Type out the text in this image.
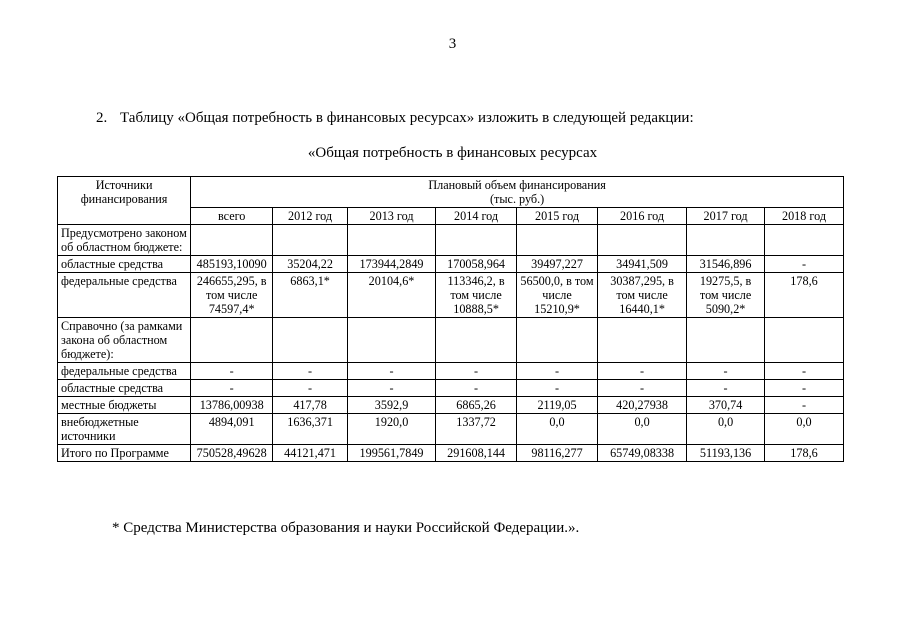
3
2. Таблицу «Общая потребность в финансовых ресурсах» изложить в следующей редакции:
«Общая потребность в финансовых ресурсах
Источники финансирования	Плановый объем финансирования
(тыс. руб.)							

	всего	2012 год	2013 год	2014 год	2015 год	2016 год	2017 год	2018 год
Предусмотрено законом об областном бюджете:								
областные средства	485193,10090	35204,22	173944,2849	170058,964	39497,227	34941,509	31546,896	-
федеральные средства	246655,295, в том числе 74597,4*	6863,1*	20104,6*	113346,2, в том числе 10888,5*	56500,0, в том числе 15210,9*	30387,295, в том числе 16440,1*	19275,5, в том числе 5090,2*	178,6
Справочно (за рамками закона об областном бюджете):								
федеральные средства	-	-	-	-	-	-	-	-
областные средства	-	-	-	-	-	-	-	-
местные бюджеты	13786,00938	417,78	3592,9	6865,26	2119,05	420,27938	370,74	-
внебюджетные источники	4894,091	1636,371	1920,0	1337,72	0,0	0,0	0,0	0,0
Итого по Программе	750528,49628	44121,471	199561,7849	291608,144	98116,277	65749,08338	51193,136	178,6
* Средства Министерства образования и науки Российской Федерации.».
